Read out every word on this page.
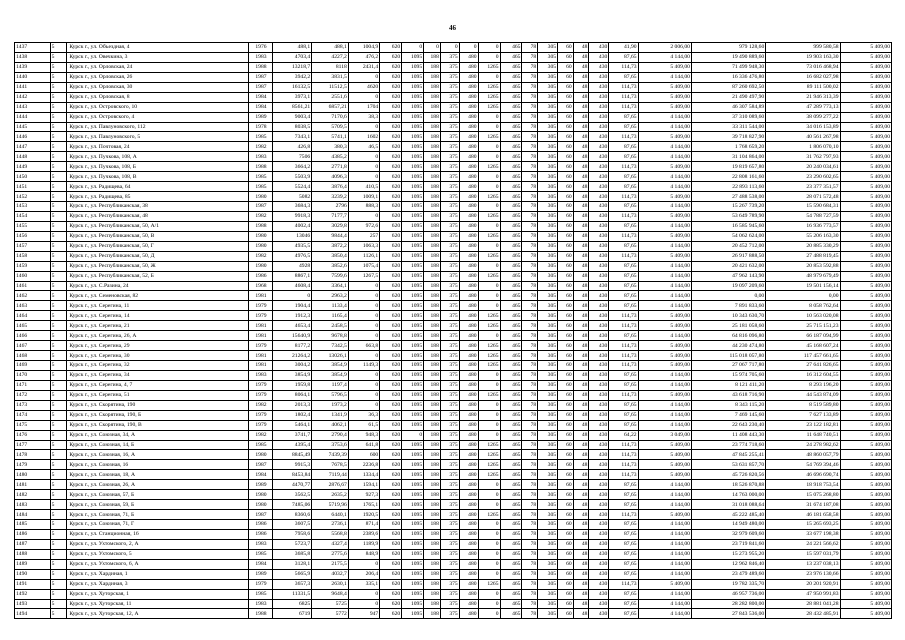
46
1437	5	Курск г., ул. Объездная, 4	1976	488,1	488,1	1004,9	620	0	0	0	0	0	465	78	305	60	48	430	41,90	2 006,00	979 128,60	999 580,58	5 409,00
1438	5	Курск г., ул. Овечкина, 3	1983	4703,4	4227,2	476,2	620	1095	188	375	480	0	465	78	305	60	48	430	87,65	4 144,00	19 490 889,60	19 903 163,30	5 409,00
1439	5	Курск г., ул. Орловская, 24	1988	13218,7	8118	2431,4	620	1095	188	375	480	1265	465	78	305	60	48	430	114,73	5 409,00	71 499 948,30	73 016 468,94	5 409,00
1440	5	Курск г., ул. Орловская, 26	1987	3942,2	3831,5	0	620	1095	188	375	480	0	465	78	305	60	48	430	87,65	4 144,00	16 336 476,80	16 682 027,98	5 409,00
1441	5	Курск г., ул. Орловская, 30	1987	16132,5	11512,5	4620	620	1095	188	375	480	1265	465	78	305	60	48	430	114,73	5 409,00	87 260 692,50	89 111 500,02	5 409,00
1442	5	Курск г., ул. Орловская, 8	1984	3973,1	2551,6	0	620	1095	188	375	480	1265	465	78	305	60	48	430	114,73	5 409,00	21 490 497,90	21 946 313,39	5 409,00
1443	5	Курск г., ул. Островского, 10	1984	8561,21	6857,21	1704	620	1095	188	375	480	1265	465	78	305	60	48	430	114,73	5 409,00	46 307 584,89	47 289 773,13	5 409,00
1444	5	Курск г., ул. Островского, 4	1989	9003,4	7170,6	38,3	620	1095	188	375	480	0	465	78	305	60	48	430	87,65	4 144,00	37 310 089,60	38 099 277,22	5 409,00
1445	5	Курск г., ул. Павлуновского, 112	1978	8038,5	5709,5	0	620	1095	188	375	480	0	465	78	305	60	48	430	87,65	4 144,00	33 311 544,00	34 016 153,89	5 409,00
1446	5	Курск г., ул. Павлуновского, 5	1985	7343,1	5741,1	1602	620	1095	188	375	480	1265	465	78	305	60	48	430	114,73	5 409,00	39 718 827,90	40 561 267,98	5 409,00
1447	5	Курск г., ул. Почтовая, 24	1982	426,8	380,3	46,5	620	1095	188	375	480	0	465	78	305	60	48	430	87,65	4 144,00	1 768 659,20	1 806 070,10	5 409,00
1448	5	Курск г., ул. Пучкова, 108, А	1983	7506	4385,2	0	620	1095	188	375	480	0	465	78	305	60	48	430	87,65	4 144,00	31 104 864,00	31 762 797,93	5 409,00
1449	5	Курск г., ул. Пучкова, 108, Б	1988	3664,2	2771,8	0	620	1095	188	375	480	1265	465	78	305	60	48	430	114,73	5 409,00	19 819 657,80	20 240 034,61	5 409,00
1450	5	Курск г., ул. Пучкова, 108, В	1985	5503,9	4096,3	0	620	1095	188	375	480	0	465	78	305	60	48	430	87,65	4 144,00	22 808 161,60	23 290 602,65	5 409,00
1451	5	Курск г., ул. Радищева, 64	1985	5524,4	3876,4	410,5	620	1095	188	375	480	0	465	78	305	60	48	430	87,65	4 144,00	22 893 113,60	23 377 351,57	5 409,00
1452	5	Курск г., ул. Радищева, 85	1980	5082	3239,2	1009,1	620	1095	188	375	480	1265	465	78	305	60	48	430	114,73	5 409,00	27 488 538,00	28 071 572,48	5 409,00
1453	5	Курск г., ул. Республиканская, 38	1987	3684,3	2796	888,3	620	1095	188	375	480	0	465	78	305	60	48	430	87,65	4 144,00	15 267 739,20	15 590 684,31	5 409,00
1454	5	Курск г., ул. Республиканская, 48	1982	9918,3	7177,7	0	620	1095	188	375	480	1265	465	78	305	60	48	430	114,73	5 409,00	53 649 789,90	54 788 727,59	5 409,00
1455	5	Курск г., ул. Республиканская, 50, А/1	1988	4002,4	3029,8	972,6	620	1095	188	375	480	0	465	78	305	60	48	430	87,65	4 144,00	16 585 945,60	16 936 773,57	5 409,00
1456	5	Курск г., ул. Республиканская, 50, В	1980	13046	9844,4	257	620	1095	188	375	480	1265	465	78	305	60	48	430	114,73	5 409,00	54 062 624,00	55 206 163,30	5 409,00
1457	5	Курск г., ул. Республиканская, 50, Г	1980	4935,5	3872,2	1063,3	620	1095	188	375	480	0	465	78	305	60	48	430	87,65	4 144,00	20 452 712,00	20 885 330,29	5 409,00
1458	5	Курск г., ул. Республиканская, 50, Д	1982	4976,5	3850,4	1126,1	620	1095	188	375	480	1265	465	78	305	60	48	430	114,73	5 409,00	26 917 888,50	27 488 819,45	5 409,00
1459	5	Курск г., ул. Республиканская, 50, Ж	1980	4928	3852,6	1075,4	620	1095	188	375	480	0	465	78	305	60	48	430	87,65	4 144,00	20 421 632,00	20 853 592,88	5 409,00
1460	5	Курск г., ул. Республиканская, 52, Б	1986	8867,1	7599,6	1267,5	620	1095	188	375	480	1265	465	78	305	60	48	430	87,65	4 144,00	47 962 143,90	48 979 679,49	5 409,00
1461	5	Курск г., ул. С.Разина, 24	1968	4608,4	3364,1	0	620	1095	188	375	480	0	465	78	305	60	48	430	87,65	4 144,00	19 097 209,60	19 501 156,14	5 409,00
1462	5	Курск г., ул. Семеновская, 82	1981	0	2963,2	0	620	1095	188	375	480	0	465	78	305	60	48	430	87,65	4 144,00	0,00	0,00	5 409,00
1463	5	Курск г., ул. Серегина, 11	1979	1904,4	1133,4	0	620	1095	188	375	480	0	465	78	305	60	48	430	87,65	4 144,00	7 891 833,60	8 058 762,64	5 409,00
1464	5	Курск г., ул. Серегина, 14	1979	1912,3	1165,4	0	620	1095	188	375	480	1265	465	78	305	60	48	430	114,73	5 409,00	10 343 630,70	10 563 020,08	5 409,00
1465	5	Курск г., ул. Серегина, 21	1981	4653,4	2458,5	0	620	1095	188	375	480	1265	465	78	305	60	48	430	114,73	5 409,00	25 181 058,60	25 715 151,23	5 409,00
1466	5	Курск г., ул. Серегина, 26, А	1981	15640,9	9678,8	0	620	1095	188	375	480	0	465	78	305	60	48	430	87,65	4 144,00	64 816 096,80	66 187 094,99	5 409,00
1467	5	Курск г., ул. Серегина, 29	1979	8177,2	7342,5	663,8	620	1095	188	375	480	1265	465	78	305	60	48	430	114,73	5 409,00	44 230 474,80	45 168 607,24	5 409,00
1468	5	Курск г., ул. Серегина, 30	1981	21264,2	13026,1	0	620	1095	188	375	480	1265	465	78	305	60	48	430	114,73	5 409,00	115 018 057,80	117 457 661,65	5 409,00
1469	5	Курск г., ул. Серегина, 32	1981	3004,2	3854,9	1149,3	620	1095	188	375	480	1265	465	78	305	60	48	430	114,73	5 409,00	27 067 717,80	27 641 826,65	5 409,00
1470	5	Курск г., ул. Серегина, 34	1983	3854,9	3854,9	0	620	1095	188	375	480	0	465	78	305	60	48	430	87,65	4 144,00	15 974 705,60	16 312 604,55	5 409,00
1471	5	Курск г., ул. Серегина, 4, 7	1979	1959,8	1197,4	0	620	1095	188	375	480	0	465	78	305	60	48	430	87,65	4 144,00	8 121 411,20	8 293 196,20	5 409,00
1472	5	Курск г., ул. Серегина, 51	1979	8064,1	5796,5	0	620	1095	188	375	480	1265	465	78	305	60	48	430	114,73	5 409,00	43 618 716,90	44 543 874,09	5 409,00
1473	5	Курск г., ул. Скорятина, 190	1982	2013,3	1973,2	0	620	1095	188	375	480	0	465	78	305	60	48	430	87,65	4 144,00	8 343 115,20	8 519 589,80	5 409,00
1474	5	Курск г., ул. Скорятина, 190, Б	1979	1802,4	1341,9	36,3	620	1095	188	375	480	0	465	78	305	60	48	430	87,65	4 144,00	7 469 145,60	7 627 133,89	5 409,00
1475	5	Курск г., ул. Скорятина, 190, В	1979	5464,1	4062,1	61,5	620	1095	188	375	480	0	465	78	305	60	48	430	87,65	4 144,00	22 643 230,40	23 122 182,81	5 409,00
1476	5	Курск г., ул. Союзная, 34, А	1982	3741,7	2790,4	948,3	620	0	188	375	480	0	465	78	305	60	48	430	64,22	3 049,00	11 408 443,30	11 648 740,51	5 409,00
1477	5	Курск г., ул. Союзная, 14, Б	1985	4395,4	3753,6	641,8	620	1095	188	375	480	1265	465	78	305	60	48	430	114,73	5 409,00	23 774 718,60	24 278 982,62	5 409,00
1478	5	Курск г., ул. Союзная, 16, А	1980	8845,49	7439,39	600	620	1095	188	375	480	1265	465	78	305	60	48	430	114,73	5 409,00	47 845 255,41	48 860 057,79	5 409,00
1479	5	Курск г., ул. Союзная, 16	1987	9915,3	7678,5	2236,8	620	1095	188	375	480	1265	465	78	305	60	48	430	114,73	5 409,00	53 631 857,70	54 769 394,46	5 409,00
1480	5	Курск г., ул. Союзная, 18, А	1984	8453,84	7119,44	1334,4	620	1095	188	375	480	1265	465	78	305	60	48	430	114,73	5 409,00	45 726 820,56	46 696 690,74	5 409,00
1481	5	Курск г., ул. Союзная, 26, А	1989	4470,77	2876,67	1594,1	620	1095	188	375	480	0	465	78	305	60	48	430	87,65	4 144,00	18 526 870,88	18 918 753,54	5 409,00
1482	5	Курск г., ул. Союзная, 57, Б	1980	3562,5	2635,2	927,3	620	1095	188	375	480	0	465	78	305	60	48	430	87,65	4 144,00	14 763 000,00	15 075 268,80	5 409,00
1483	5	Курск г., ул. Союзная, 59, Б	1980	7485,06	5719,96	1765,1	620	1095	188	375	480	0	465	78	305	60	48	430	87,65	4 144,00	31 018 088,64	31 674 187,08	5 409,00
1484	5	Курск г., ул. Союзная, 71, Б	1987	8360,6	6440,1	1920,5	620	1095	188	375	480	1265	465	78	305	60	48	430	114,73	5 409,00	45 222 485,40	46 181 658,58	5 409,00
1485	5	Курск г., ул. Союзная, 71, Г	1986	3607,5	2736,1	871,4	620	1095	188	375	480	0	465	78	305	60	48	430	87,65	4 144,00	14 949 480,00	15 265 693,25	5 409,00
1486	5	Курск г., ул. Станционная, 16	1986	7958,6	5568,8	2389,6	620	1095	188	375	480	0	465	78	305	60	48	430	87,65	4 144,00	32 979 609,60	33 677 198,38	5 409,00
1487	5	Курск г., ул. Ухтомского, 2, А	1983	5723,7	4327,4	1189,9	620	1095	188	375	480	0	465	78	305	60	48	430	87,65	4 144,00	23 719 841,60	24 221 566,62	5 409,00
1488	5	Курск г., ул. Ухтомского, 5	1985	3685,8	2775,6	848,9	620	1095	188	375	480	0	465	78	305	60	48	430	87,65	4 144,00	15 273 955,20	15 597 031,79	5 409,00
1489	5	Курск г., ул. Ухтомского, 6, А	1984	3128,1	2175,5	0	620	1095	188	375	480	0	465	78	305	60	48	430	87,65	4 144,00	12 962 846,40	13 237 038,13	5 409,00
1490	5	Курск г., ул. Хардиная, 1	1989	5665,9	4032,7	206,4	620	1095	188	375	480	0	465	78	305	60	48	430	87,65	4 144,00	23 479 489,60	23 976 130,66	5 409,00
1491	5	Курск г., ул. Хардиная, 3	1979	3657,3	2630,1	335,1	620	1095	188	375	480	1265	465	78	305	60	48	430	114,73	5 409,00	19 782 335,70	20 201 920,91	5 409,00
1492	5	Курск г., ул. Хуторская, 1	1985	11331,5	9648,4	0	620	1095	188	375	480	0	465	78	305	60	48	430	87,65	4 144,00	46 957 736,00	47 950 991,83	5 409,00
1493	5	Курск г., ул. Хуторская, 11	1983	6825	5725	0	620	1095	188	375	480	0	465	78	305	60	48	430	87,65	4 144,00	28 282 800,00	28 881 041,28	5 409,00
1494	5	Курск г., ул. Хуторская, 12, А	1988	6719	5772	947	620	1095	188	375	480	0	465	78	305	60	48	430	87,65	4 144,00	27 843 536,00	28 432 485,91	5 409,00
